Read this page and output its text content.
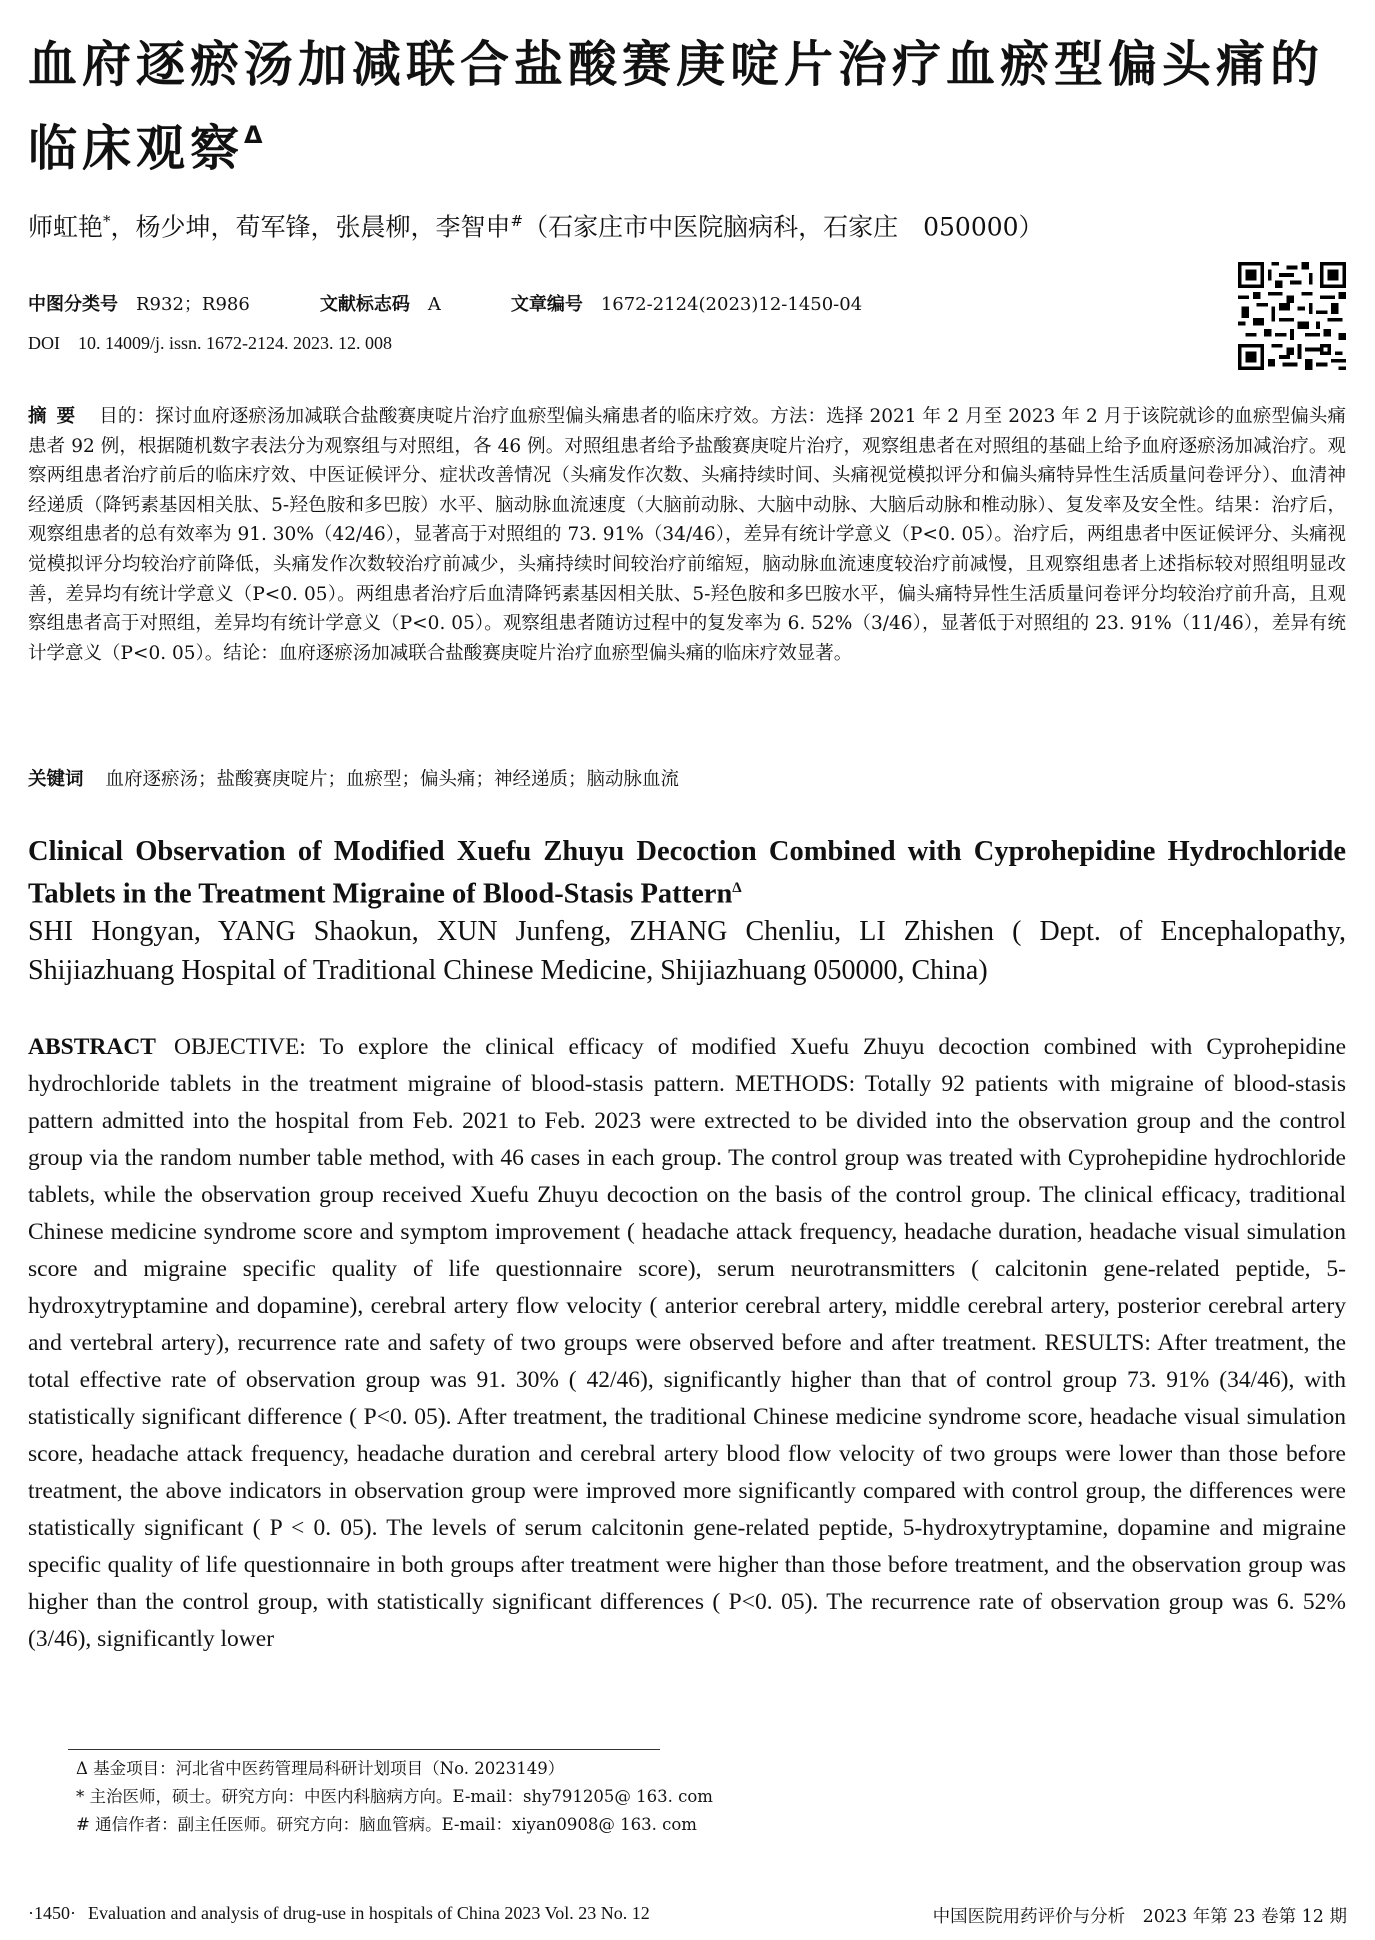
血府逐瘀汤加减联合盐酸赛庚啶片治疗血瘀型偏头痛的临床观察$^\Delta$

师虹艳*，杨少坤，荀军锋，张晨柳，李智申#（石家庄市中医院脑病科，石家庄　050000）

中图分类号 R932；R986	文献标志码 A	文章编号 1672-2124(2023)12-1450-04
DOI 10. 14009/j. issn. 1672-2124. 2023. 12. 008

摘要 目的：探讨血府逐瘀汤加减联合盐酸赛庚啶片治疗血瘀型偏头痛患者的临床疗效。方法：选择 2021 年 2 月至 2023 年 2 月于该院就诊的血瘀型偏头痛患者 92 例，根据随机数字表法分为观察组与对照组，各 46 例。对照组患者给予盐酸赛庚啶片治疗，观察组患者在对照组的基础上给予血府逐瘀汤加减治疗。观察两组患者治疗前后的临床疗效、中医证候评分、症状改善情况（头痛发作次数、头痛持续时间、头痛视觉模拟评分和偏头痛特异性生活质量问卷评分）、血清神经递质（降钙素基因相关肽、5-羟色胺和多巴胺）水平、脑动脉血流速度（大脑前动脉、大脑中动脉、大脑后动脉和椎动脉）、复发率及安全性。结果：治疗后，观察组患者的总有效率为 91. 30%（42/46），显著高于对照组的 73. 91%（34/46），差异有统计学意义（P<0. 05）。治疗后，两组患者中医证候评分、头痛视觉模拟评分均较治疗前降低，头痛发作次数较治疗前减少，头痛持续时间较治疗前缩短，脑动脉血流速度较治疗前减慢，且观察组患者上述指标较对照组明显改善，差异均有统计学意义（P<0. 05）。两组患者治疗后血清降钙素基因相关肽、5-羟色胺和多巴胺水平，偏头痛特异性生活质量问卷评分均较治疗前升高，且观察组患者高于对照组，差异均有统计学意义（P<0. 05）。观察组患者随访过程中的复发率为 6. 52%（3/46），显著低于对照组的 23. 91%（11/46），差异有统计学意义（P<0. 05）。结论：血府逐瘀汤加减联合盐酸赛庚啶片治疗血瘀型偏头痛的临床疗效显著。

关键词 血府逐瘀汤；盐酸赛庚啶片；血瘀型；偏头痛；神经递质；脑动脉血流

Clinical Observation of Modified Xuefu Zhuyu Decoction Combined with Cyprohepidine Hydrochloride Tablets in the Treatment Migraine of Blood-Stasis Pattern$^\Delta$

SHI Hongyan, YANG Shaokun, XUN Junfeng, ZHANG Chenliu, LI Zhishen ( Dept. of Encephalopathy, Shijiazhuang Hospital of Traditional Chinese Medicine, Shijiazhuang 050000, China)

ABSTRACT OBJECTIVE: To explore the clinical efficacy of modified Xuefu Zhuyu decoction combined with Cyprohepidine hydrochloride tablets in the treatment migraine of blood-stasis pattern. METHODS: Totally 92 patients with migraine of blood-stasis pattern admitted into the hospital from Feb. 2021 to Feb. 2023 were extrected to be divided into the observation group and the control group via the random number table method, with 46 cases in each group. The control group was treated with Cyprohepidine hydrochloride tablets, while the observation group received Xuefu Zhuyu decoction on the basis of the control group. The clinical efficacy, traditional Chinese medicine syndrome score and symptom improvement ( headache attack frequency, headache duration, headache visual simulation score and migraine specific quality of life questionnaire score), serum neurotransmitters ( calcitonin gene-related peptide, 5-hydroxytryptamine and dopamine), cerebral artery flow velocity ( anterior cerebral artery, middle cerebral artery, posterior cerebral artery and vertebral artery), recurrence rate and safety of two groups were observed before and after treatment. RESULTS: After treatment, the total effective rate of observation group was 91. 30% ( 42/46), significantly higher than that of control group 73. 91% (34/46), with statistically significant difference ( P<0. 05). After treatment, the traditional Chinese medicine syndrome score, headache visual simulation score, headache attack frequency, headache duration and cerebral artery blood flow velocity of two groups were lower than those before treatment, the above indicators in observation group were improved more significantly compared with control group, the differences were statistically significant ( P < 0. 05). The levels of serum calcitonin gene-related peptide, 5-hydroxytryptamine, dopamine and migraine specific quality of life questionnaire in both groups after treatment were higher than those before treatment, and the observation group was higher than the control group, with statistically significant differences ( P<0. 05). The recurrence rate of observation group was 6. 52% (3/46), significantly lower

Δ 基金项目：河北省中医药管理局科研计划项目（No. 2023149）
* 主治医师，硕士。研究方向：中医内科脑病方向。E-mail：shy791205@ 163. com
# 通信作者：副主任医师。研究方向：脑血管病。E-mail：xiyan0908@ 163. com
·1450· Evaluation and analysis of drug-use in hospitals of China 2023 Vol. 23 No. 12	中国医院用药评价与分析　2023 年第 23 卷第 12 期
